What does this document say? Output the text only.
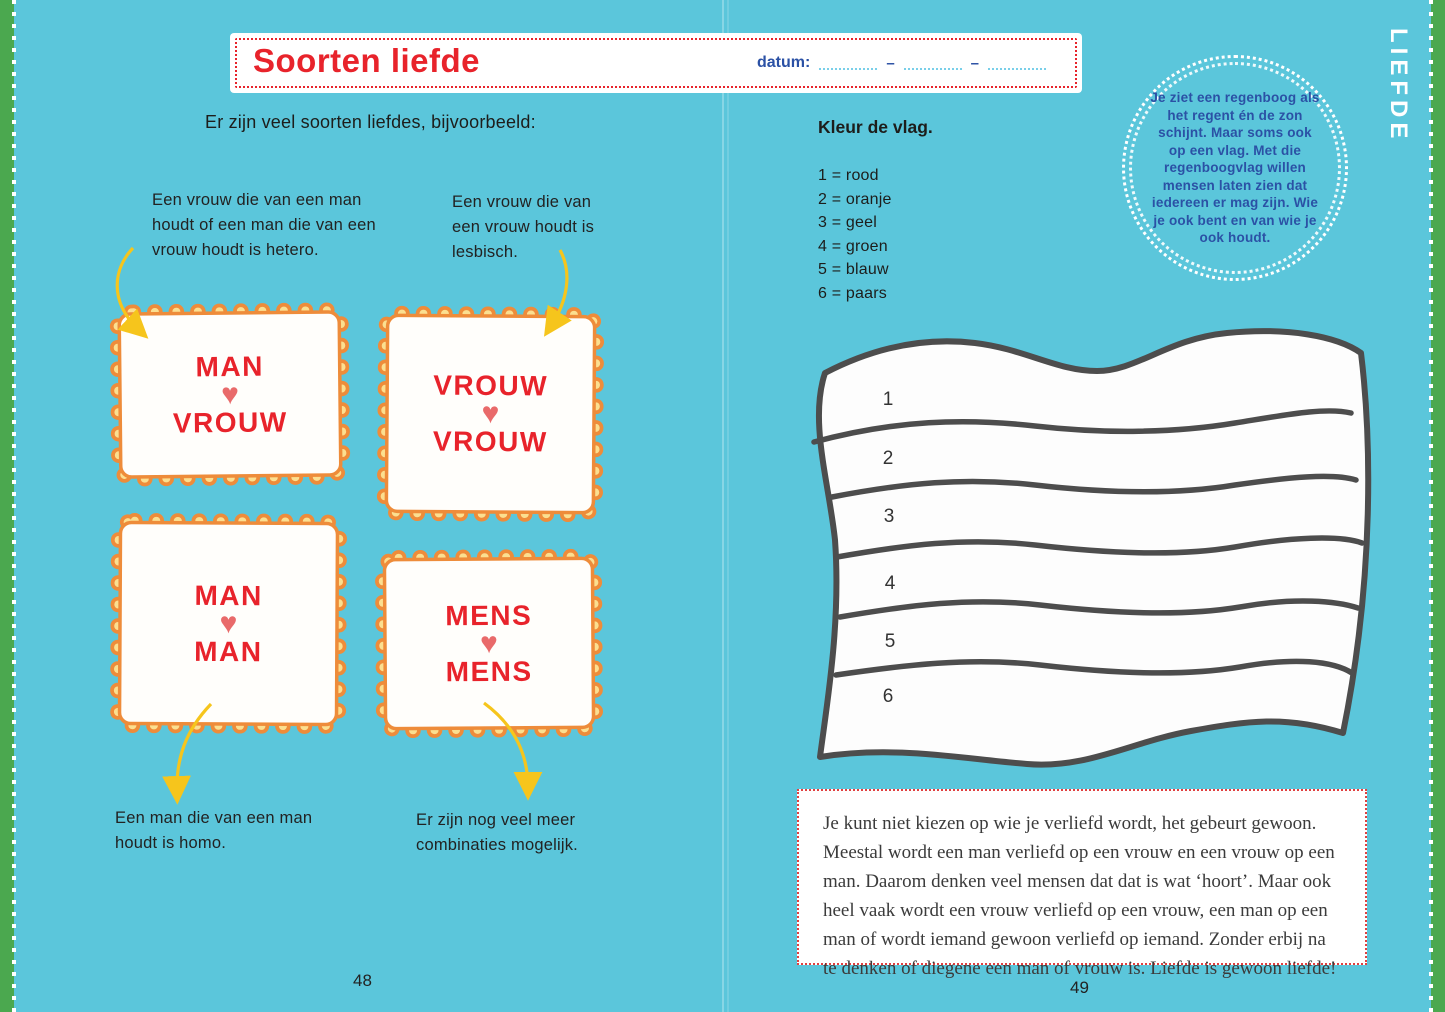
Soorten liefde	datum:	–	–
Er zijn veel soorten liefdes, bijvoorbeeld:
Een vrouw die van een man houdt of een man die van een vrouw houdt is hetero.
Een vrouw die van een vrouw houdt is lesbisch.
Een man die van een man houdt is homo.
Er zijn nog veel meer combinaties mogelijk.
MAN
♥
VROUW
VROUW
♥
VROUW
MAN
♥
MAN
MENS
♥
MENS
48
Kleur de vlag.
1 = rood
2 = oranje
3 = geel
4 = groen
5 = blauw
6 = paars
Je ziet een regenboog als het regent én de zon schijnt. Maar soms ook op een vlag. Met die regenboogvlag willen mensen laten zien dat iedereen er mag zijn. Wie je ook bent en van wie je ook houdt.
1
2
3
4
5
6

Je kunt niet kiezen op wie je verliefd wordt, het gebeurt gewoon. Meestal wordt een man verliefd op een vrouw en een vrouw op een man. Daarom denken veel mensen dat dat is wat ‘hoort’. Maar ook heel vaak wordt een vrouw verliefd op een vrouw, een man op een man of wordt iemand gewoon verliefd op iemand. Zonder erbij na te denken of diegene een man of vrouw is. Liefde is gewoon liefde!

49
LIEFDE
